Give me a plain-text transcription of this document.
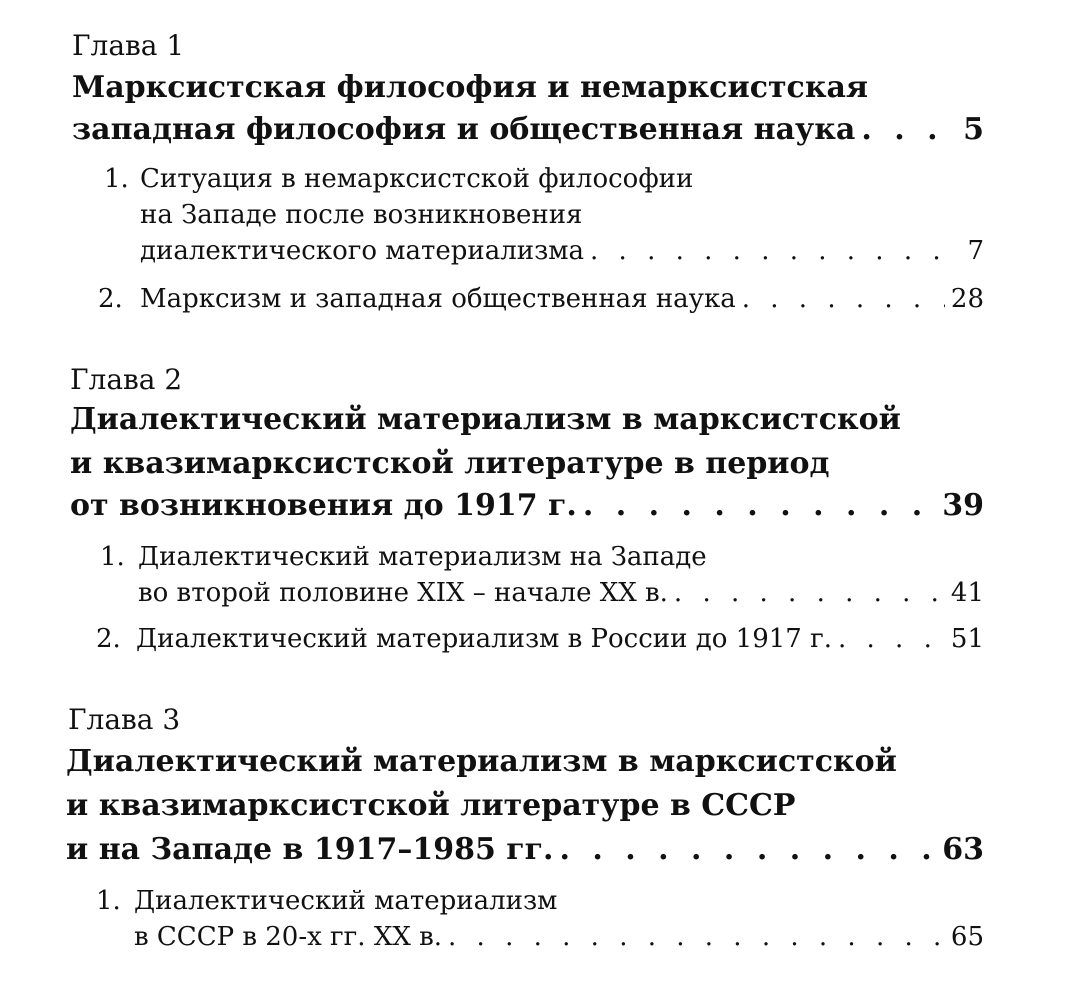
Глава 1
Марксистская философия и немарксистская
западная философия и общественная наука . . .	5
1. Ситуация в немарксистской философии
на Западе после возникновения
диалектического материализма . . .	7
2. Марксизм и западная общественная наука . . .	28
Глава 2
Диалектический материализм в марксистской
и квазимарксистской литературе в период
от возникновения до 1917 г. . . .	39
1. Диалектический материализм на Западе
во второй половине XIX – начале XX в. . . .	41
2. Диалектический материализм в России до 1917 г. . . .	51
Глава 3
Диалектический материализм в марксистской
и квазимарксистской литературе в СССР
и на Западе в 1917–1985 гг. . . .	63
1. Диалектический материализм
в СССР в 20-х гг. XX в. . . .	65
